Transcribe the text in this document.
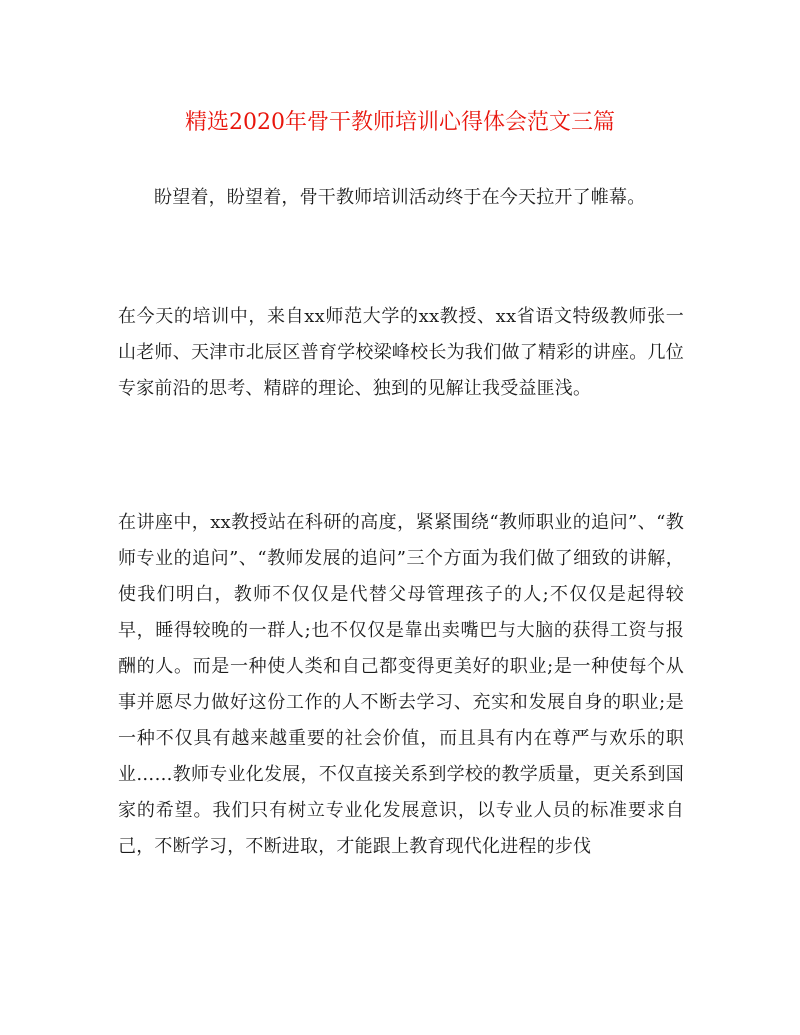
精选2020年骨干教师培训心得体会范文三篇

盼望着，盼望着，骨干教师培训活动终于在今天拉开了帷幕。

在今天的培训中，来自xx师范大学的xx教授、xx省语文特级教师张一山老师、天津市北辰区普育学校梁峰校长为我们做了精彩的讲座。几位专家前沿的思考、精辟的理论、独到的见解让我受益匪浅。

在讲座中，xx教授站在科研的高度，紧紧围绕“教师职业的追问”、“教师专业的追问”、“教师发展的追问”三个方面为我们做了细致的讲解，使我们明白，教师不仅仅是代替父母管理孩子的人;不仅仅是起得较早，睡得较晚的一群人;也不仅仅是靠出卖嘴巴与大脑的获得工资与报酬的人。而是一种使人类和自己都变得更美好的职业;是一种使每个从事并愿尽力做好这份工作的人不断去学习、充实和发展自身的职业;是一种不仅具有越来越重要的社会价值，而且具有内在尊严与欢乐的职业……教师专业化发展，不仅直接关系到学校的教学质量，更关系到国家的希望。我们只有树立专业化发展意识，以专业人员的标准要求自己，不断学习，不断进取，才能跟上教育现代化进程的步伐
